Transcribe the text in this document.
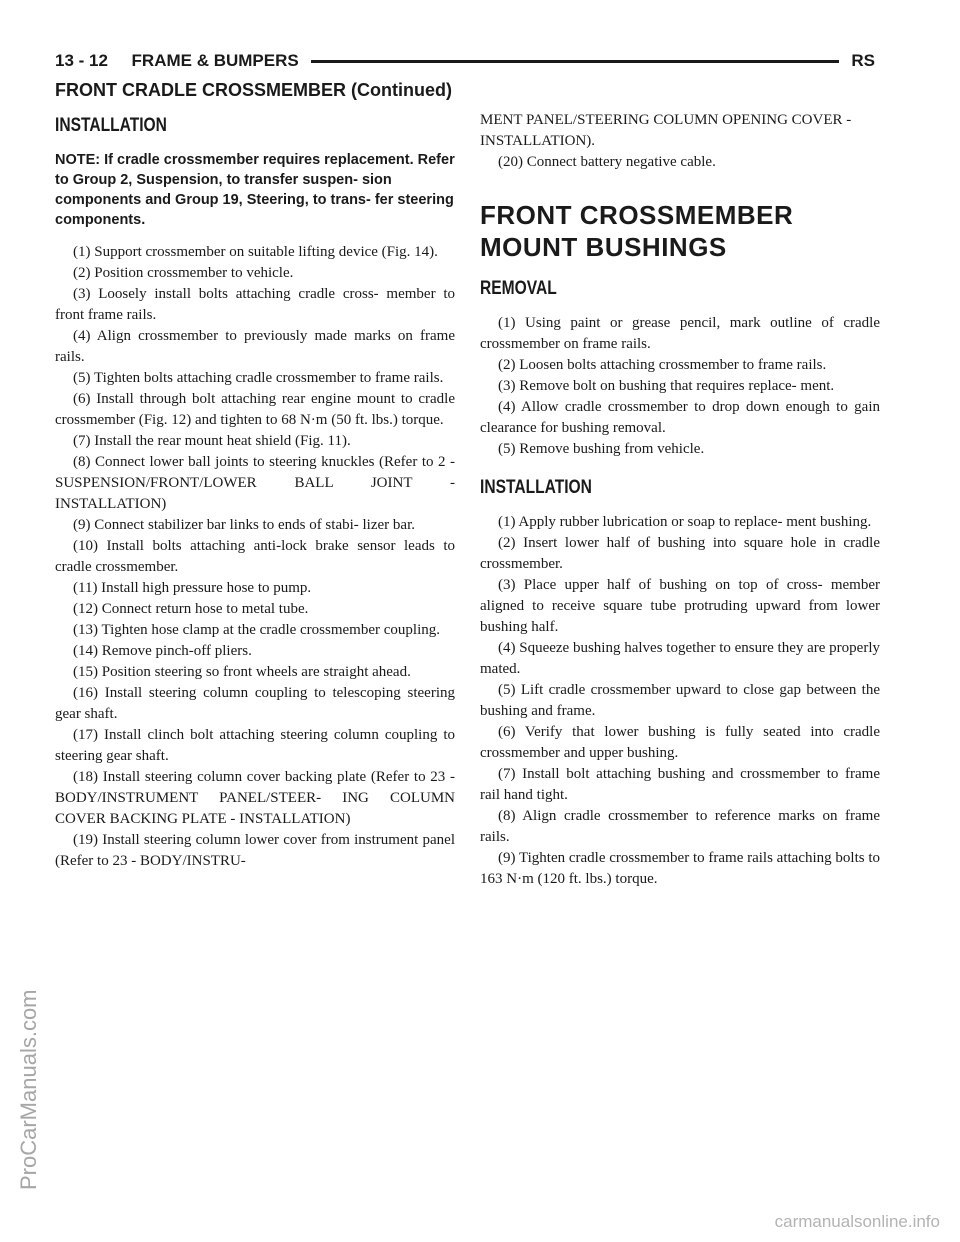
13 - 12     FRAME & BUMPERS	RS
FRONT CRADLE CROSSMEMBER (Continued)
INSTALLATION

NOTE: If cradle crossmember requires replacement. Refer to Group 2, Suspension, to transfer suspen- sion components and Group 19, Steering, to trans- fer steering components.

(1) Support crossmember on suitable lifting device (Fig. 14).

(2) Position crossmember to vehicle.

(3) Loosely install bolts attaching cradle cross- member to front frame rails.

(4) Align crossmember to previously made marks on frame rails.

(5) Tighten bolts attaching cradle crossmember to frame rails.

(6) Install through bolt attaching rear engine mount to cradle crossmember (Fig. 12) and tighten to 68 N·m (50 ft. lbs.) torque.

(7) Install the rear mount heat shield (Fig. 11).

(8) Connect lower ball joints to steering knuckles (Refer to 2 - SUSPENSION/FRONT/LOWER BALL JOINT - INSTALLATION)

(9) Connect stabilizer bar links to ends of stabi- lizer bar.

(10) Install bolts attaching anti-lock brake sensor leads to cradle crossmember.

(11) Install high pressure hose to pump.

(12) Connect return hose to metal tube.

(13) Tighten hose clamp at the cradle crossmember coupling.

(14) Remove pinch-off pliers.

(15) Position steering so front wheels are straight ahead.

(16) Install steering column coupling to telescoping steering gear shaft.

(17) Install clinch bolt attaching steering column coupling to steering gear shaft.

(18) Install steering column cover backing plate (Refer to 23 - BODY/INSTRUMENT PANEL/STEER- ING COLUMN COVER BACKING PLATE - INSTALLATION)

(19) Install steering column lower cover from instrument panel (Refer to 23 - BODY/INSTRU-

MENT PANEL/STEERING COLUMN OPENING COVER - INSTALLATION).

(20) Connect battery negative cable.

FRONT CROSSMEMBER
MOUNT BUSHINGS
REMOVAL

(1) Using paint or grease pencil, mark outline of cradle crossmember on frame rails.

(2) Loosen bolts attaching crossmember to frame rails.

(3) Remove bolt on bushing that requires replace- ment.

(4) Allow cradle crossmember to drop down enough to gain clearance for bushing removal.

(5) Remove bushing from vehicle.

INSTALLATION

(1) Apply rubber lubrication or soap to replace- ment bushing.

(2) Insert lower half of bushing into square hole in cradle crossmember.

(3) Place upper half of bushing on top of cross- member aligned to receive square tube protruding upward from lower bushing half.

(4) Squeeze bushing halves together to ensure they are properly mated.

(5) Lift cradle crossmember upward to close gap between the bushing and frame.

(6) Verify that lower bushing is fully seated into cradle crossmember and upper bushing.

(7) Install bolt attaching bushing and crossmember to frame rail hand tight.

(8) Align cradle crossmember to reference marks on frame rails.

(9) Tighten cradle crossmember to frame rails attaching bolts to 163 N·m (120 ft. lbs.) torque.

ProCarManuals.com
carmanualsonline.info
